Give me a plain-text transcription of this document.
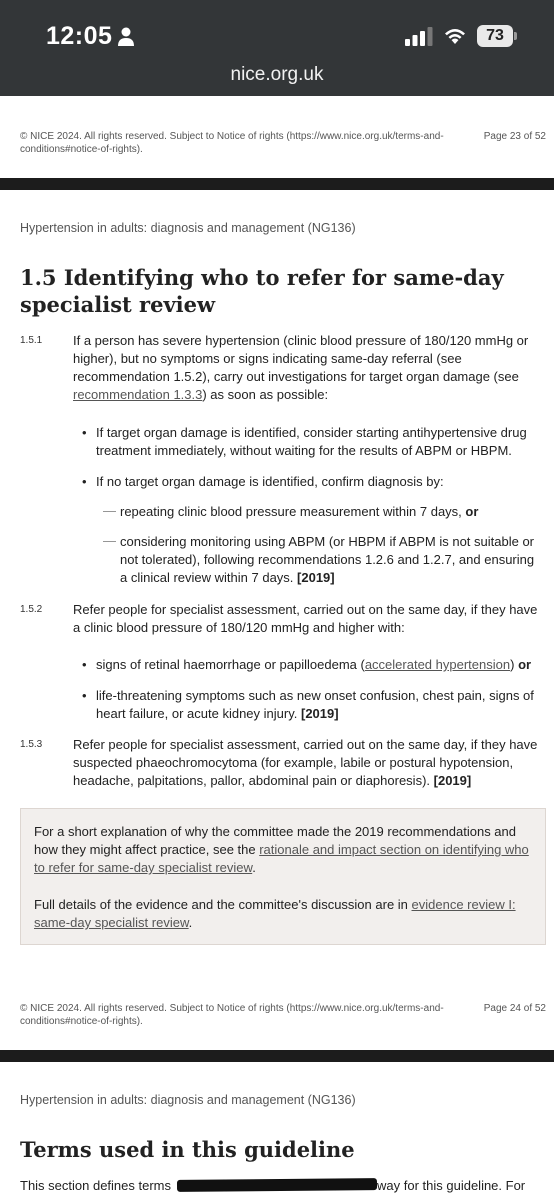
12:05	73
nice.org.uk
© NICE 2024. All rights reserved. Subject to Notice of rights (https://www.nice.org.uk/terms-and-conditions#notice-of-rights).
Page 23 of 52
Hypertension in adults: diagnosis and management (NG136)
1.5 Identifying who to refer for same-day specialist review
1.5.1 If a person has severe hypertension (clinic blood pressure of 180/120 mmHg or higher), but no symptoms or signs indicating same-day referral (see recommendation 1.5.2), carry out investigations for target organ damage (see recommendation 1.3.3) as soon as possible:
• If target organ damage is identified, consider starting antihypertensive drug treatment immediately, without waiting for the results of ABPM or HBPM.
• If no target organ damage is identified, confirm diagnosis by:
— repeating clinic blood pressure measurement within 7 days, or
— considering monitoring using ABPM (or HBPM if ABPM is not suitable or not tolerated), following recommendations 1.2.6 and 1.2.7, and ensuring a clinical review within 7 days. [2019]
1.5.2 Refer people for specialist assessment, carried out on the same day, if they have a clinic blood pressure of 180/120 mmHg and higher with:
• signs of retinal haemorrhage or papilloedema (accelerated hypertension) or
• life-threatening symptoms such as new onset confusion, chest pain, signs of heart failure, or acute kidney injury. [2019]
1.5.3 Refer people for specialist assessment, carried out on the same day, if they have suspected phaeochromocytoma (for example, labile or postural hypotension, headache, palpitations, pallor, abdominal pain or diaphoresis). [2019]

For a short explanation of why the committee made the 2019 recommendations and how they might affect practice, see the rationale and impact section on identifying who to refer for same-day specialist review.

Full details of the evidence and the committee's discussion are in evidence review I: same-day specialist review.

© NICE 2024. All rights reserved. Subject to Notice of rights (https://www.nice.org.uk/terms-and-conditions#notice-of-rights).
Page 24 of 52
Hypertension in adults: diagnosis and management (NG136)
Terms used in this guideline
This section defines terms	way for this guideline. For
